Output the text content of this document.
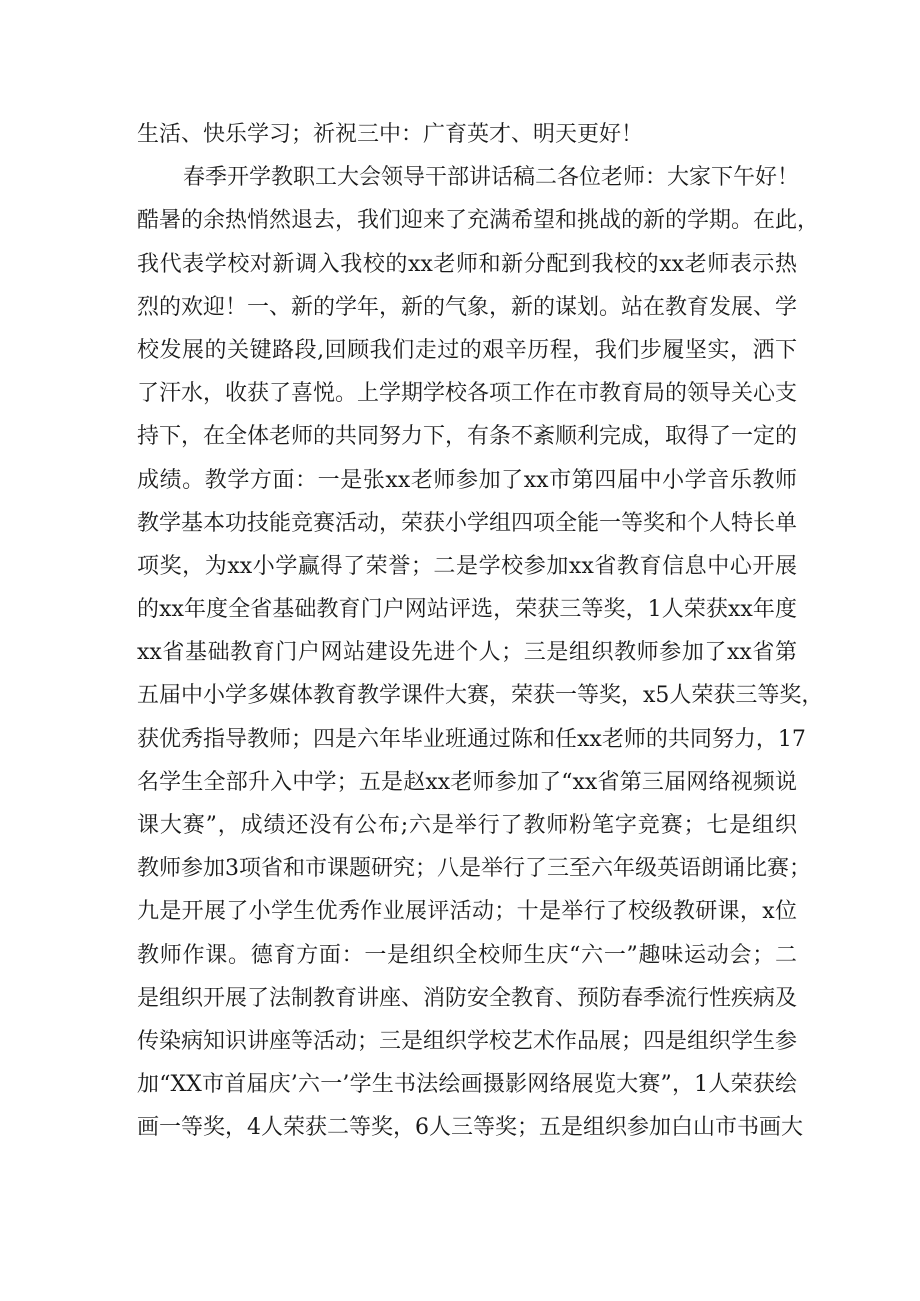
生活、快乐学习；祈祝三中：广育英才、明天更好！
春季开学教职工大会领导干部讲话稿二各位老师：大家下午好！
酷暑的余热悄然退去，我们迎来了充满希望和挑战的新的学期。在此，
我代表学校对新调入我校的xx老师和新分配到我校的xx老师表示热
烈的欢迎！一、新的学年，新的气象，新的谋划。站在教育发展、学
校发展的关键路段,回顾我们走过的艰辛历程，我们步履坚实，洒下
了汗水，收获了喜悦。上学期学校各项工作在市教育局的领导关心支
持下，在全体老师的共同努力下，有条不紊顺利完成，取得了一定的
成绩。教学方面：一是张xx老师参加了xx市第四届中小学音乐教师
教学基本功技能竞赛活动，荣获小学组四项全能一等奖和个人特长单
项奖，为xx小学赢得了荣誉；二是学校参加xx省教育信息中心开展
的xx年度全省基础教育门户网站评选，荣获三等奖，1人荣获xx年度
xx省基础教育门户网站建设先进个人；三是组织教师参加了xx省第
五届中小学多媒体教育教学课件大赛，荣获一等奖，x5人荣获三等奖，
获优秀指导教师；四是六年毕业班通过陈和任xx老师的共同努力，17
名学生全部升入中学；五是赵xx老师参加了“xx省第三届网络视频说
课大赛”，成绩还没有公布;六是举行了教师粉笔字竞赛；七是组织
教师参加3项省和市课题研究；八是举行了三至六年级英语朗诵比赛；
九是开展了小学生优秀作业展评活动；十是举行了校级教研课，x位
教师作课。德育方面：一是组织全校师生庆“六一”趣味运动会；二
是组织开展了法制教育讲座、消防安全教育、预防春季流行性疾病及
传染病知识讲座等活动；三是组织学校艺术作品展；四是组织学生参
加“XX市首届庆’六一’学生书法绘画摄影网络展览大赛”，1人荣获绘
画一等奖，4人荣获二等奖，6人三等奖；五是组织参加白山市书画大
